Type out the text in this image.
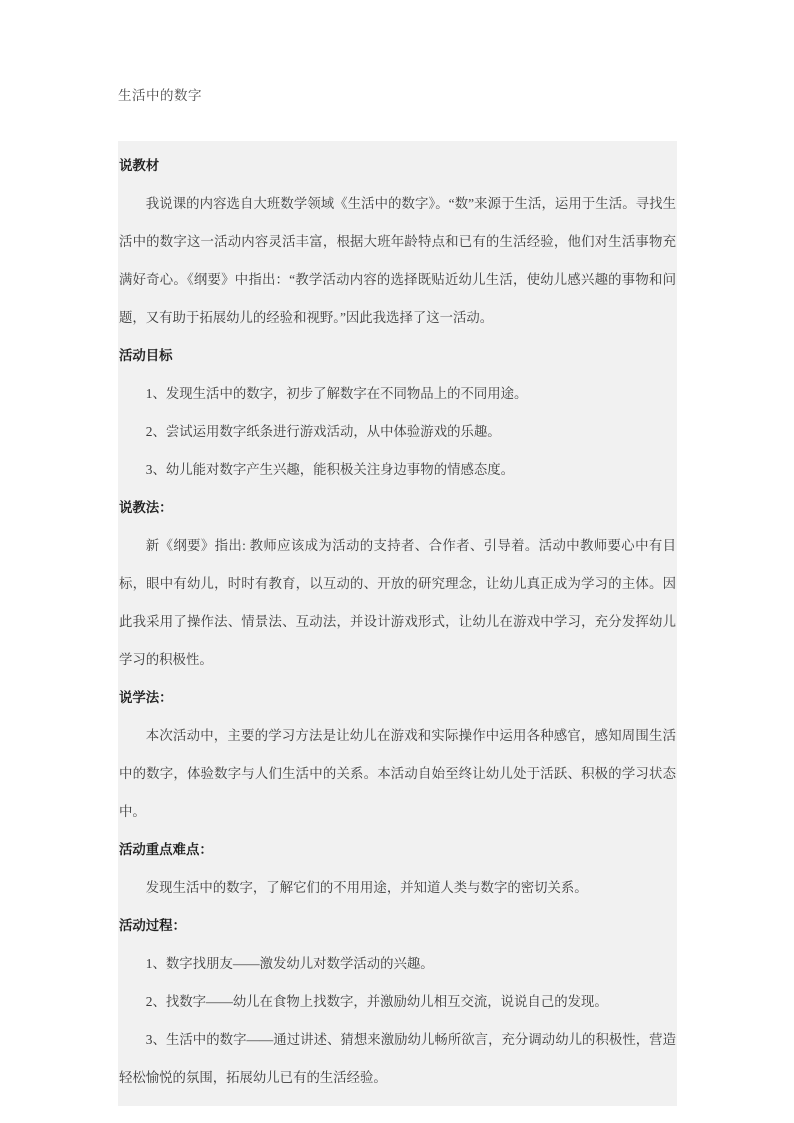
生活中的数字
说教材

我说课的内容选自大班数学领域《生活中的数字》。“数”来源于生活，运用于生活。寻找生活中的数字这一活动内容灵活丰富，根据大班年龄特点和已有的生活经验，他们对生活事物充满好奇心。《纲要》中指出：“教学活动内容的选择既贴近幼儿生活，使幼儿感兴趣的事物和问题，又有助于拓展幼儿的经验和视野。”因此我选择了这一活动。

活动目标

1、发现生活中的数字，初步了解数字在不同物品上的不同用途。

2、尝试运用数字纸条进行游戏活动，从中体验游戏的乐趣。

3、幼儿能对数字产生兴趣，能积极关注身边事物的情感态度。

说教法：

新《纲要》指出: 教师应该成为活动的支持者、合作者、引导着。活动中教师要心中有目标，眼中有幼儿，时时有教育，以互动的、开放的研究理念，让幼儿真正成为学习的主体。因此我采用了操作法、情景法、互动法，并设计游戏形式，让幼儿在游戏中学习，充分发挥幼儿学习的积极性。

说学法：

本次活动中，主要的学习方法是让幼儿在游戏和实际操作中运用各种感官，感知周围生活中的数字，体验数字与人们生活中的关系。本活动自始至终让幼儿处于活跃、积极的学习状态中。

活动重点难点：

发现生活中的数字，了解它们的不用用途，并知道人类与数字的密切关系。

活动过程：

1、数字找朋友——激发幼儿对数学活动的兴趣。

2、找数字——幼儿在食物上找数字，并激励幼儿相互交流，说说自己的发现。

3、生活中的数字——通过讲述、猜想来激励幼儿畅所欲言，充分调动幼儿的积极性，营造轻松愉悦的氛围，拓展幼儿已有的生活经验。
